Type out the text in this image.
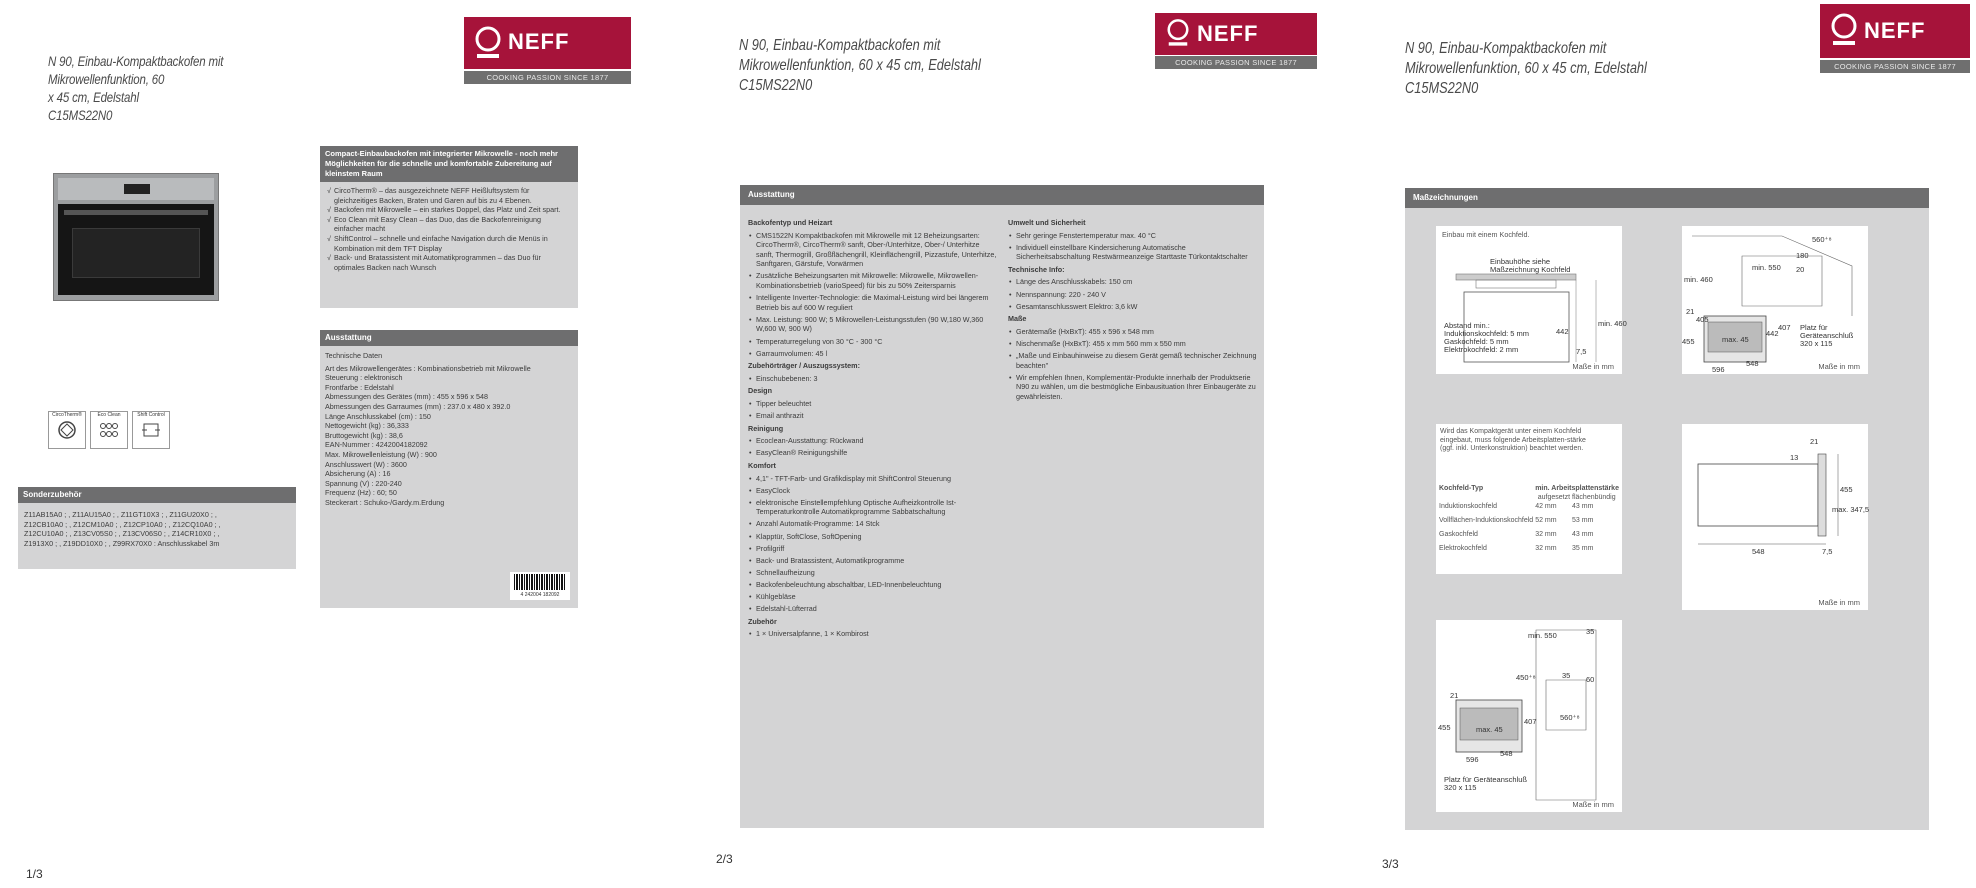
N 90, Einbau-Kompaktbackofen mit Mikrowellenfunktion, 60
x 45 cm, Edelstahl
C15MS22N0
NEFF
COOKING PASSION SINCE 1877
CircoTherm®	Eco Clean	Shift Control
Compact-Einbaubackofen mit integrierter Mikrowelle - noch mehr Möglichkeiten für die schnelle und komfortable Zubereitung auf kleinstem Raum
√ CircoTherm® – das ausgezeichnete NEFF Heißluftsystem für gleichzeitiges Backen, Braten und Garen auf bis zu 4 Ebenen.
√ Backofen mit Mikrowelle – ein starkes Doppel, das Platz und Zeit spart.
√ Eco Clean mit Easy Clean – das Duo, das die Backofenreinigung einfacher macht
√ ShiftControl – schnelle und einfache Navigation durch die Menüs in Kombination mit dem TFT Display
√ Back- und Bratassistent mit Automatikprogrammen – das Duo für optimales Backen nach Wunsch
Sonderzubehör
Z11AB15A0 ; , Z11AU15A0 ; , Z11GT10X3 ; , Z11GU20X0 ; ,
Z12CB10A0 ; , Z12CM10A0 ; , Z12CP10A0 ; , Z12CQ10A0 ; ,
Z12CU10A0 ; , Z13CV05S0 ; , Z13CV06S0 ; , Z14CR10X0 ; ,
Z1913X0 ; , Z19DD10X0 ; , Z99RX70X0 : Anschlusskabel 3m
Ausstattung
Technische Daten
Art des Mikrowellengerätes : Kombinationsbetrieb mit Mikrowelle
Steuerung : elektronisch
Frontfarbe : Edelstahl
Abmessungen des Gerätes (mm) : 455 x 596 x 548
Abmessungen des Garraumes (mm) : 237.0 x 480 x 392.0
Länge Anschlusskabel (cm) : 150
Nettogewicht (kg) : 36,333
Bruttogewicht (kg) : 38,6
EAN-Nummer : 4242004182092
Max. Mikrowellenleistung (W) : 900
Anschlusswert (W) : 3600
Absicherung (A) : 16
Spannung (V) : 220-240
Frequenz (Hz) : 60; 50
Steckerart : Schuko-/Gardy.m.Erdung
4 242004 182092
1/3
N 90, Einbau-Kompaktbackofen mit
Mikrowellenfunktion, 60 x 45 cm, Edelstahl
C15MS22N0
NEFF
COOKING PASSION SINCE 1877
Ausstattung
Backofentyp und Heizart
• CMS1522N Kompaktbackofen mit Mikrowelle mit 12 Beheizungsarten: CircoTherm®, CircoTherm® sanft, Ober-/Unterhitze, Ober-/ Unterhitze sanft, Thermogrill, Großflächengrill, Kleinflächengrill, Pizzastufe, Unterhitze, Sanftgaren, Gärstufe, Vorwärmen
• Zusätzliche Beheizungsarten mit Mikrowelle: Mikrowelle, Mikrowellen-Kombinationsbetrieb (varioSpeed) für bis zu 50% Zeitersparnis
• Intelligente Inverter-Technologie: die Maximal-Leistung wird bei längerem Betrieb bis auf 600 W reguliert
• Max. Leistung: 900 W; 5 Mikrowellen-Leistungsstufen (90 W,180 W,360 W,600 W, 900 W)
• Temperaturregelung von 30 °C - 300 °C
• Garraumvolumen: 45 l
Zubehörträger / Auszugssystem:
• Einschubebenen: 3
Design
• Tipper beleuchtet
• Email anthrazit
Reinigung
• Ecoclean-Ausstattung: Rückwand
• EasyClean® Reinigungshilfe
Komfort
• 4,1" - TFT-Farb- und Grafikdisplay mit ShiftControl Steuerung
• EasyClock
• elektronische Einstellempfehlung Optische Aufheizkontrolle Ist-Temperaturkontrolle Automatikprogramme Sabbatschaltung
• Anzahl Automatik-Programme: 14 Stck
• Klapptür, SoftClose, SoftOpening
• Profilgriff
• Back- und Bratassistent, Automatikprogramme
• Schnellaufheizung
• Backofenbeleuchtung abschaltbar, LED-Innenbeleuchtung
• Kühlgebläse
• Edelstahl-Lüfterrad
Zubehör
• 1 × Universalpfanne, 1 × Kombirost
Umwelt und Sicherheit
• Sehr geringe Fenstertemperatur max. 40 °C
• Individuell einstellbare Kindersicherung Automatische Sicherheitsabschaltung Restwärmeanzeige Starttaste Türkontaktschalter
Technische Info:
• Länge des Anschlusskabels: 150 cm
• Nennspannung: 220 - 240 V
• Gesamtanschlusswert Elektro: 3,6 kW
Maße
• Gerätemaße (HxBxT): 455 x 596 x 548 mm
• Nischenmaße (HxBxT): 455 x mm 560 mm x 550 mm
• „Maße und Einbauhinweise zu diesem Gerät gemäß technischer Zeichnung beachten"
• Wir empfehlen Ihnen, Komplementär-Produkte innerhalb der Produktserie N90 zu wählen, um die bestmögliche Einbausituation Ihrer Einbaugeräte zu gewährleisten.
2/3
N 90, Einbau-Kompaktbackofen mit
Mikrowellenfunktion, 60 x 45 cm, Edelstahl
C15MS22N0
NEFF
COOKING PASSION SINCE 1877
Maßzeichnungen
Einbau mit einem Kochfeld.
442
min. 460
7,5
Einbauhöhe siehe
Maßzeichnung Kochfeld
Abstand min.:
Induktionskochfeld: 5 mm
Gaskochfeld: 5 mm
Elektrokochfeld: 2 mm
Maße in mm
560⁺⁸
180
min. 460
min. 550 20
21
405
455	max. 45
442
407
596
548
Platz für
Geräteanschluß
320 x 115
Maße in mm
Wird das Kompaktgerät unter einem Kochfeld eingebaut, muss folgende Arbeitsplatten-stärke (ggf. inkl. Unterkonstruktion) beachtet werden.
Kochfeld-Typ	min. Arbeitsplattenstärke	
	aufgesetzt	flächenbündig
Induktionskochfeld	42 mm	43 mm
Vollflächen-Induktionskochfeld	52 mm	53 mm
Gaskochfeld	32 mm	43 mm
Elektrokochfeld	32 mm	35 mm
21
13
455
max. 347,5
548	7,5
Maße in mm
min. 550	35
450⁺⁸	35 60
560⁺⁸
21
455	max. 45
407
596
548
Platz für Geräteanschluß
320 x 115
Maße in mm
3/3
